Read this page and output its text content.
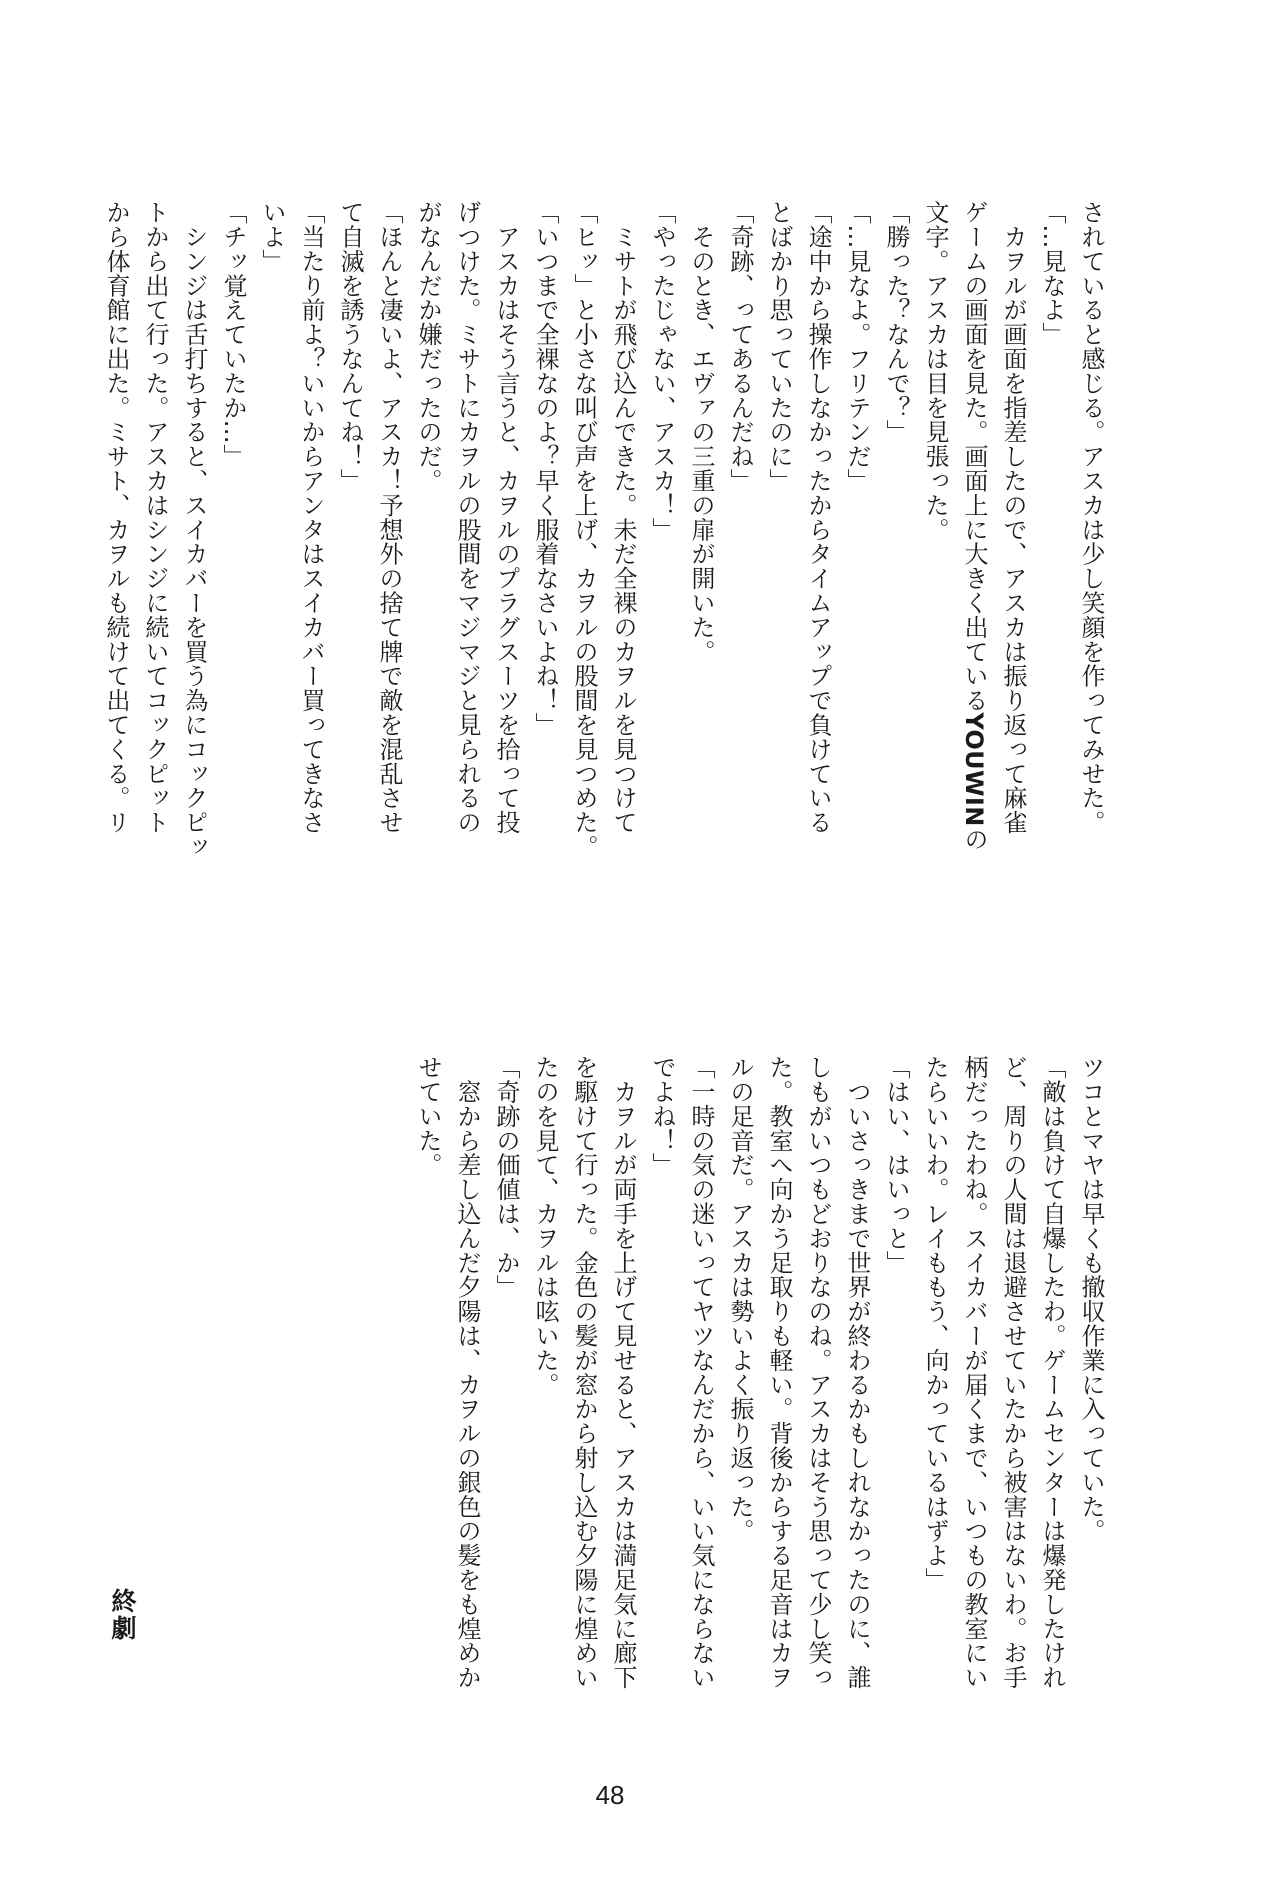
されていると感じる。アスカは少し笑顔を作ってみせた。
「…見なよ」
　カヲルが画面を指差したので、アスカは振り返って麻雀
ゲームの画面を見た。画面上に大きく出ているYOUWINの
文字。アスカは目を見張った。
「勝った？なんで？」
「…見なよ。フリテンだ」
「途中から操作しなかったからタイムアップで負けている
とばかり思っていたのに」
「奇跡、ってあるんだね」
　そのとき、エヴァの三重の扉が開いた。
「やったじゃない、アスカ！」
　ミサトが飛び込んできた。未だ全裸のカヲルを見つけて
「ヒッ」と小さな叫び声を上げ、カヲルの股間を見つめた。
「いつまで全裸なのよ？早く服着なさいよね！」
　アスカはそう言うと、カヲルのプラグスーツを拾って投
げつけた。ミサトにカヲルの股間をマジマジと見られるの
がなんだか嫌だったのだ。
「ほんと凄いよ、アスカ！予想外の捨て牌で敵を混乱させ
て自滅を誘うなんてね！」
「当たり前よ？いいからアンタはスイカバー買ってきなさ
いよ」
「チッ覚えていたか…」
　シンジは舌打ちすると、スイカバーを買う為にコックピッ
トから出て行った。アスカはシンジに続いてコックピット
から体育館に出た。ミサト、カヲルも続けて出てくる。リ
ツコとマヤは早くも撤収作業に入っていた。
「敵は負けて自爆したわ。ゲームセンターは爆発したけれ
ど、周りの人間は退避させていたから被害はないわ。お手
柄だったわね。スイカバーが届くまで、いつもの教室にい
たらいいわ。レイももう、向かっているはずよ」
「はい、はいっと」
　ついさっきまで世界が終わるかもしれなかったのに、誰
しもがいつもどおりなのね。アスカはそう思って少し笑っ
た。教室へ向かう足取りも軽い。背後からする足音はカヲ
ルの足音だ。アスカは勢いよく振り返った。
「一時の気の迷いってヤツなんだから、いい気にならない
でよね！」
　カヲルが両手を上げて見せると、アスカは満足気に廊下
を駆けて行った。金色の髪が窓から射し込む夕陽に煌めい
たのを見て、カヲルは呟いた。
「奇跡の価値は、か」
　窓から差し込んだ夕陽は、カヲルの銀色の髪をも煌めか
せていた。
終劇
48
